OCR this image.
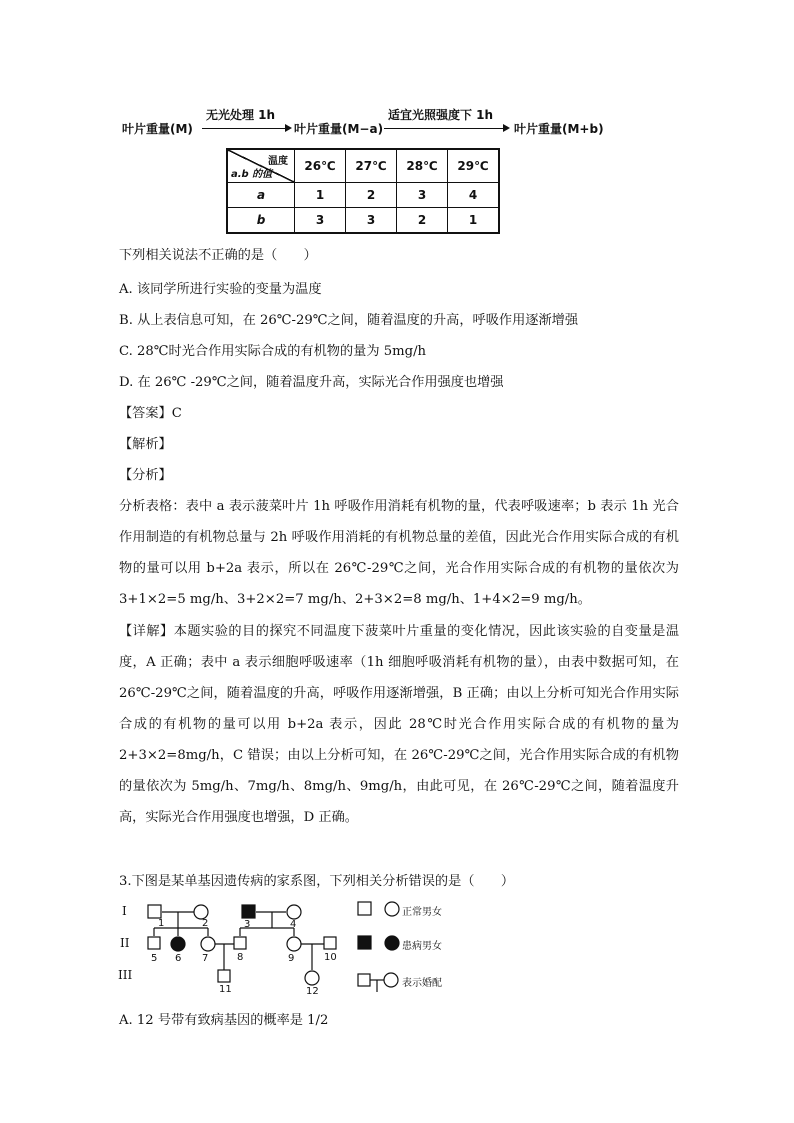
叶片重量(M)
无光处理 1h
叶片重量(M−a)
适宜光照强度下 1h
叶片重量(M+b)
温度
a.b 的值	26℃	27℃	28℃	29℃
a	1	2	3	4
b	3	3	2	1
下列相关说法不正确的是（　　）
A. 该同学所进行实验的变量为温度
B. 从上表信息可知，在 26℃-29℃之间，随着温度的升高，呼吸作用逐渐增强
C. 28℃时光合作用实际合成的有机物的量为 5mg/h
D. 在 26℃ -29℃之间，随着温度升高，实际光合作用强度也增强
【答案】C
【解析】
【分析】
分析表格：表中 a 表示菠菜叶片 1h 呼吸作用消耗有机物的量，代表呼吸速率；b 表示 1h 光合作用制造的有机物总量与 2h 呼吸作用消耗的有机物总量的差值，因此光合作用实际合成的有机物的量可以用 b+2a 表示，所以在 26℃-29℃之间，光合作用实际合成的有机物的量依次为 3+1×2=5 mg/h、3+2×2=7 mg/h、2+3×2=8 mg/h、1+4×2=9 mg/h。
【详解】本题实验的目的探究不同温度下菠菜叶片重量的变化情况，因此该实验的自变量是温度，A 正确；表中 a 表示细胞呼吸速率（1h 细胞呼吸消耗有机物的量），由表中数据可知，在 26℃-29℃之间，随着温度的升高，呼吸作用逐渐增强，B 正确；由以上分析可知光合作用实际合成的有机物的量可以用 b+2a 表示，因此 28℃时光合作用实际合成的有机物的量为 2+3×2=8mg/h，C 错误；由以上分析可知，在 26℃-29℃之间，光合作用实际合成的有机物的量依次为 5mg/h、7mg/h、8mg/h、9mg/h，由此可见，在 26℃-29℃之间，随着温度升高，实际光合作用强度也增强，D 正确。
3.下图是某单基因遗传病的家系图，下列相关分析错误的是（　　）
I
II
III
1	2	3	4
5 6 7	8	9	10
11	12
正常男女
患病男女
表示婚配
A. 12 号带有致病基因的概率是 1/2
